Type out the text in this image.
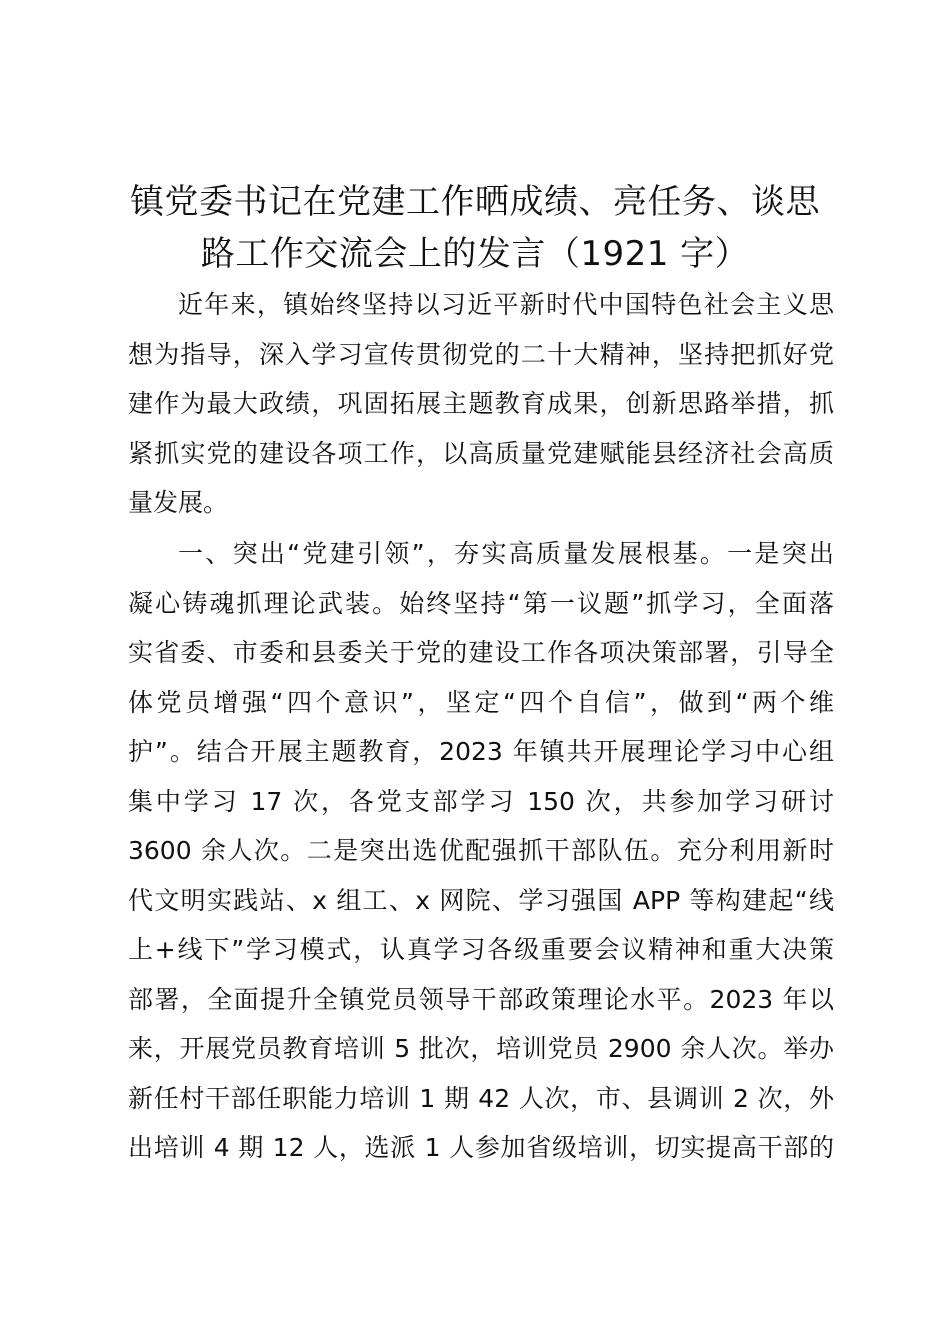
镇党委书记在党建工作晒成绩、亮任务、谈思
路工作交流会上的发言（1921 字）
近年来，镇始终坚持以习近平新时代中国特色社会主义思
想为指导，深入学习宣传贯彻党的二十大精神，坚持把抓好党
建作为最大政绩，巩固拓展主题教育成果，创新思路举措，抓
紧抓实党的建设各项工作，以高质量党建赋能县经济社会高质
量发展。
一、突出“党建引领”，夯实高质量发展根基。一是突出
凝心铸魂抓理论武装。始终坚持“第一议题”抓学习，全面落
实省委、市委和县委关于党的建设工作各项决策部署，引导全
体党员增强“四个意识”，坚定“四个自信”，做到“两个维
护”。结合开展主题教育，2023 年镇共开展理论学习中心组
集中学习 17 次，各党支部学习 150 次，共参加学习研讨
3600 余人次。二是突出选优配强抓干部队伍。充分利用新时
代文明实践站、x 组工、x 网院、学习强国 APP 等构建起“线
上+线下”学习模式，认真学习各级重要会议精神和重大决策
部署，全面提升全镇党员领导干部政策理论水平。2023 年以
来，开展党员教育培训 5 批次，培训党员 2900 余人次。举办
新任村干部任职能力培训 1 期 42 人次，市、县调训 2 次，外
出培训 4 期 12 人，选派 1 人参加省级培训，切实提高干部的
